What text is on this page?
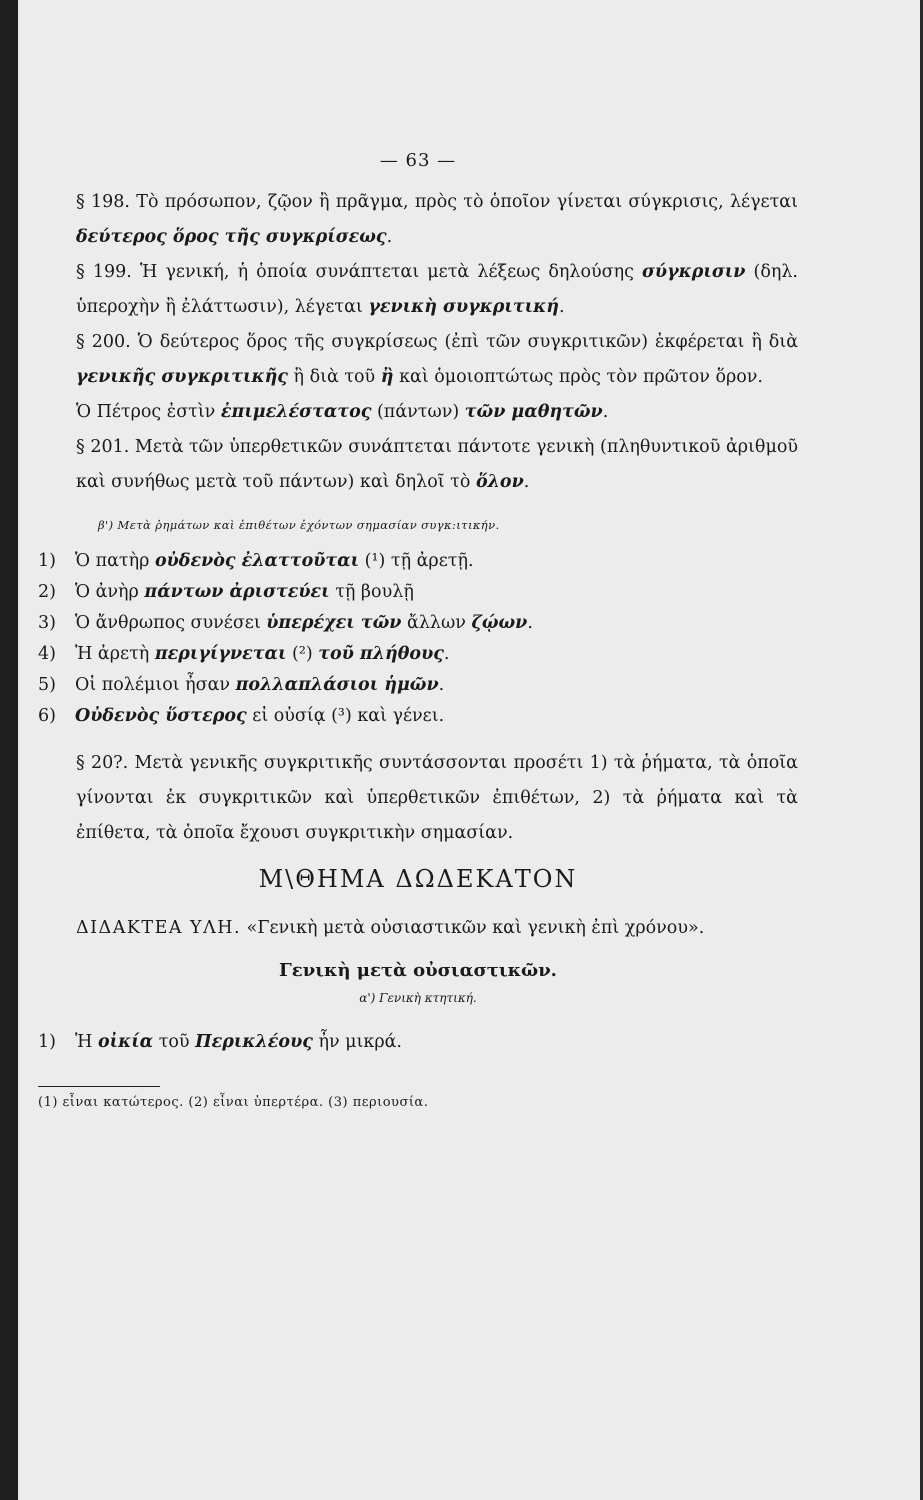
— 63 —

§ 198. Τὸ πρόσωπον, ζῷον ἢ πρᾶγμα, πρὸς τὸ ὁποῖον γίνεται σύγκρισις, λέγεται δεύτερος ὅρος τῆς συγκρίσεως.

§ 199. Ἡ γενική, ἡ ὁποία συνάπτεται μετὰ λέξεως δηλούσης σύγκρισιν (δηλ. ὑπεροχὴν ἢ ἐλάττωσιν), λέγεται γενικὴ συγκριτική.

§ 200. Ὁ δεύτερος ὅρος τῆς συγκρίσεως (ἐπὶ τῶν συγκριτικῶν) ἐκφέρεται ἢ διὰ γενικῆς συγκριτικῆς ἢ διὰ τοῦ ἢ καὶ ὁμοιοπτώτως πρὸς τὸν πρῶτον ὅρον.

Ὁ Πέτρος ἐστὶν ἐπιμελέστατος (πάντων) τῶν μαθητῶν.

§ 201. Μετὰ τῶν ὑπερθετικῶν συνάπτεται πάντοτε γενικὴ (πληθυντικοῦ ἀριθμοῦ καὶ συνήθως μετὰ τοῦ πάντων) καὶ δηλοῖ τὸ ὅλον.

β') Μετὰ ῥημάτων καὶ ἐπιθέτων ἐχόντων σημασίαν συγκ:ιτικήν.
1) Ὁ πατὴρ οὐδενὸς ἐλαττοῦται (¹) τῇ ἀρετῇ.
2) Ὁ ἀνὴρ πάντων ἀριστεύει τῇ βουλῇ
3) Ὁ ἄνθρωπος συνέσει ὑπερέχει τῶν ἄλλων ζῴων.
4) Ἡ ἀρετὴ περιγίγνεται (²) τοῦ πλήθους.
5) Οἱ πολέμιοι ἦσαν πολλαπλάσιοι ἡμῶν.
6) Οὐδενὸς ὕστερος εἰ οὐσίᾳ (³) καὶ γένει.

§ 20?. Μετὰ γενικῆς συγκριτικῆς συντάσσονται προσέτι 1) τὰ ῥήματα, τὰ ὁποῖα γίνονται ἐκ συγκριτικῶν καὶ ὑπερθετικῶν ἐπιθέτων, 2) τὰ ῥήματα καὶ τὰ ἐπίθετα, τὰ ὁποῖα ἔχουσι συγκριτικὴν σημασίαν.

Μ\ΘΗΜΑ ΔΩΔΕΚΑΤΟΝ

ΔΙΔΑΚΤΕΑ ΥΛΗ. «Γενικὴ μετὰ οὐσιαστικῶν καὶ γενικὴ ἐπὶ χρόνου».

Γενικὴ μετὰ οὐσιαστικῶν.
α') Γενικὴ κτητική.

1) Ἡ οἰκία τοῦ Περικλέους ἦν μικρά.

(1) εἶναι κατώτερος. (2) εἶναι ὑπερτέρα. (3) περιουσία.
